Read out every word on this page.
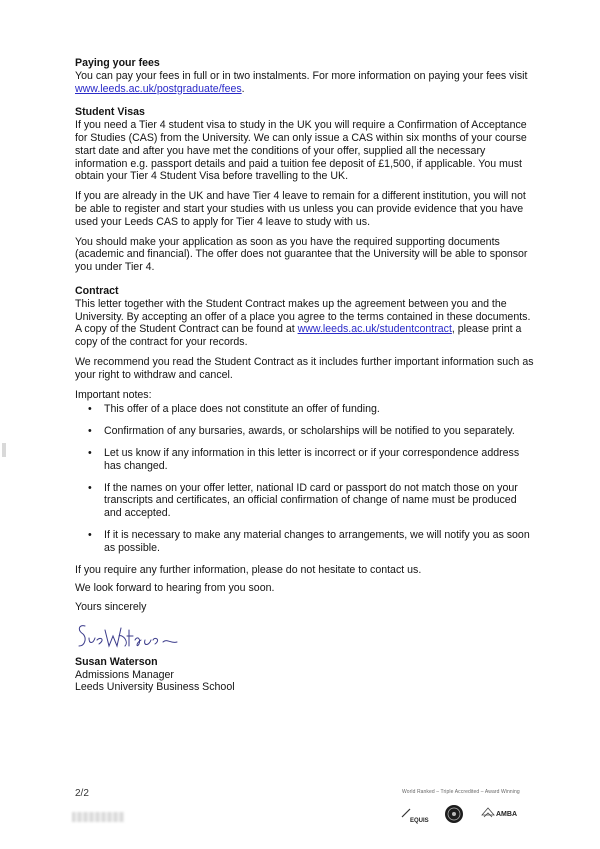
Paying your fees

You can pay your fees in full or in two instalments. For more information on paying your fees visit www.leeds.ac.uk/postgraduate/fees.

Student Visas

If you need a Tier 4 student visa to study in the UK you will require a Confirmation of Acceptance for Studies (CAS) from the University. We can only issue a CAS within six months of your course start date and after you have met the conditions of your offer, supplied all the necessary information e.g. passport details and paid a tuition fee deposit of £1,500, if applicable. You must obtain your Tier 4 Student Visa before travelling to the UK.

If you are already in the UK and have Tier 4 leave to remain for a different institution, you will not be able to register and start your studies with us unless you can provide evidence that you have used your Leeds CAS to apply for Tier 4 leave to study with us.

You should make your application as soon as you have the required supporting documents (academic and financial). The offer does not guarantee that the University will be able to sponsor you under Tier 4.

Contract

This letter together with the Student Contract makes up the agreement between you and the University. By accepting an offer of a place you agree to the terms contained in these documents. A copy of the Student Contract can be found at www.leeds.ac.uk/studentcontract, please print a copy of the contract for your records.

We recommend you read the Student Contract as it includes further important information such as your right to withdraw and cancel.

Important notes:

• This offer of a place does not constitute an offer of funding.
• Confirmation of any bursaries, awards, or scholarships will be notified to you separately.
• Let us know if any information in this letter is incorrect or if your correspondence address has changed.
• If the names on your offer letter, national ID card or passport do not match those on your transcripts and certificates, an official confirmation of change of name must be produced and accepted.
• If it is necessary to make any material changes to arrangements, we will notify you as soon as possible.

If you require any further information, please do not hesitate to contact us.

We look forward to hearing from you soon.

Yours sincerely

Susan Waterson

Admissions Manager

Leeds University Business School

2/2	World Ranked – Triple Accredited – Award Winning
EQUIS
AMBA
